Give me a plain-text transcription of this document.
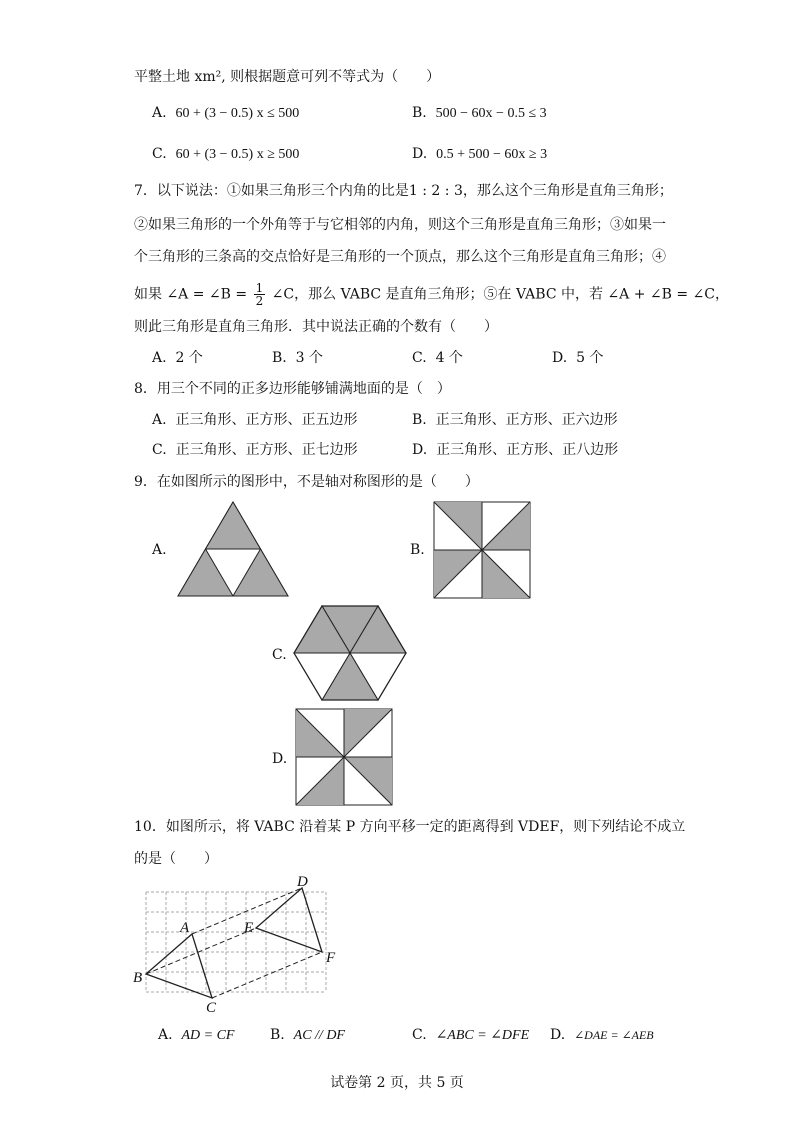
平整土地 xm², 则根据题意可列不等式为（　　）
A. 60 + (3 − 0.5) x ≤ 500	B. 500 − 60x − 0.5 ≤ 3
C. 60 + (3 − 0.5) x ≥ 500	D. 0.5 + 500 − 60x ≥ 3
7．以下说法：①如果三角形三个内角的比是1 : 2 : 3，那么这个三角形是直角三角形；
②如果三角形的一个外角等于与它相邻的内角，则这个三角形是直角三角形；③如果一
个三角形的三条高的交点恰好是三角形的一个顶点，那么这个三角形是直角三角形；④
如果 ∠A = ∠B = $\frac{1}{2}$ ∠C，那么 VABC 是直角三角形；⑤在 VABC 中，若 ∠A + ∠B = ∠C，
则此三角形是直角三角形．其中说法正确的个数有（　　）
A. 2 个	B. 3 个	C. 4 个	D. 5 个
8．用三个不同的正多边形能够铺满地面的是（　）
A. 正三角形、正方形、正五边形	B. 正三角形、正方形、正六边形
C. 正三角形、正方形、正七边形	D. 正三角形、正方形、正八边形
9．在如图所示的图形中，不是轴对称图形的是（　　）
A.	B.
C.
D.
10．如图所示，将 VABC 沿着某 P 方向平移一定的距离得到 VDEF，则下列结论不成立
的是（　　）
A
B
C
D
E
F
A. AD = CF	B. AC // DF	C. ∠ABC = ∠DFE D. ∠DAE = ∠AEB
试卷第 2 页，共 5 页
